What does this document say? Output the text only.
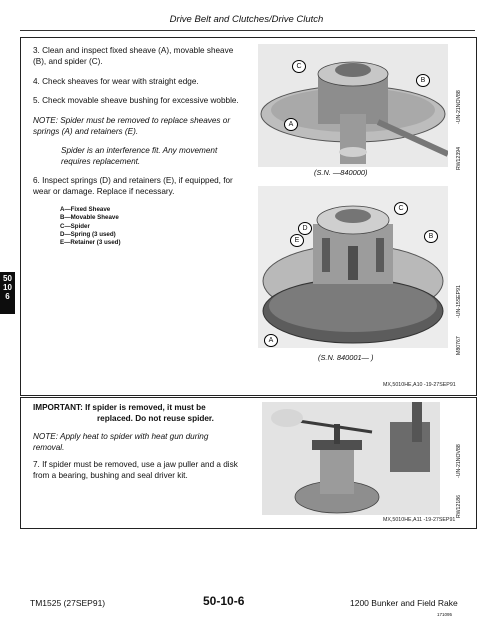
Drive Belt and Clutches/Drive Clutch
3. Clean and inspect fixed sheave (A), movable sheave (B), and spider (C).
4. Check sheaves for wear with straight edge.
5. Check movable sheave bushing for excessive wobble.
NOTE: Spider must be removed to replace sheaves or springs (A) and retainers (E).
Spider is an interference fit. Any movement requires replacement.
6. Inspect springs (D) and retainers (E), if equipped, for wear or damage. Replace if necessary.
A—Fixed Sheave
B—Movable Sheave
C—Spider
D—Spring (3 used)
E—Retainer (3 used)
C
B
A
-UN-21NOV88
RW12394
(S.N. —840000)
C
D
E
B
A
-UN-15SEP91
M80767
(S.N. 840001— )
MX,5010HE,A10 -19-27SEP91
IMPORTANT: If spider is removed, it must be
replaced. Do not reuse spider.
NOTE: Apply heat to spider with heat gun during removal.
7. If spider must be removed, use a jaw puller and a disk from a bearing, bushing and seal driver kit.	-UN-21NOV88
RW12186
MX,5010HE,A11 -19-27SEP91
50
10
6
TM1525 (27SEP91)	50-10-6	1200 Bunker and Field Rake
171095
